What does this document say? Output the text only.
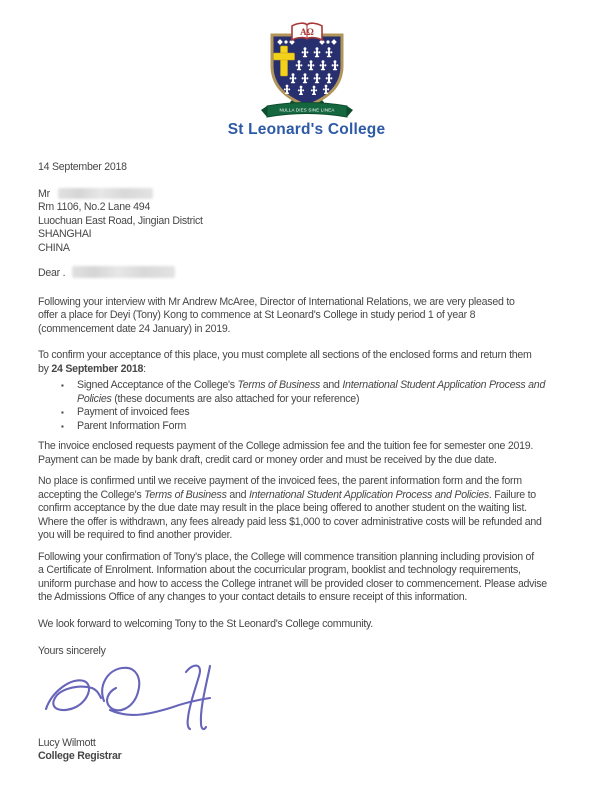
AΩ
NULLA DIES SINE LINEA
St Leonard's College
14 September 2018
Mr
Rm 1106, No.2 Lane 494
Luochuan East Road, Jingian District
SHANGHAI
CHINA
Dear .
Following your interview with Mr Andrew McAree, Director of International Relations, we are very pleased to
offer a place for Deyi (Tony) Kong to commence at St Leonard's College in study period 1 of year 8
(commencement date 24 January) in 2019.
To confirm your acceptance of this place, you must complete all sections of the enclosed forms and return them
by 24 September 2018:
▪	Signed Acceptance of the College's Terms of Business and International Student Application Process and
Policies (these documents are also attached for your reference)
▪	Payment of invoiced fees
▪	Parent Information Form
The invoice enclosed requests payment of the College admission fee and the tuition fee for semester one 2019.
Payment can be made by bank draft, credit card or money order and must be received by the due date.
No place is confirmed until we receive payment of the invoiced fees, the parent information form and the form
accepting the College's Terms of Business and International Student Application Process and Policies. Failure to
confirm acceptance by the due date may result in the place being offered to another student on the waiting list.
Where the offer is withdrawn, any fees already paid less $1,000 to cover administrative costs will be refunded and
you will be required to find another provider.
Following your confirmation of Tony's place, the College will commence transition planning including provision of
a Certificate of Enrolment. Information about the cocurricular program, booklist and technology requirements,
uniform purchase and how to access the College intranet will be provided closer to commencement. Please advise
the Admissions Office of any changes to your contact details to ensure receipt of this information.
We look forward to welcoming Tony to the St Leonard's College community.
Yours sincerely
Lucy Wilmott
College Registrar
